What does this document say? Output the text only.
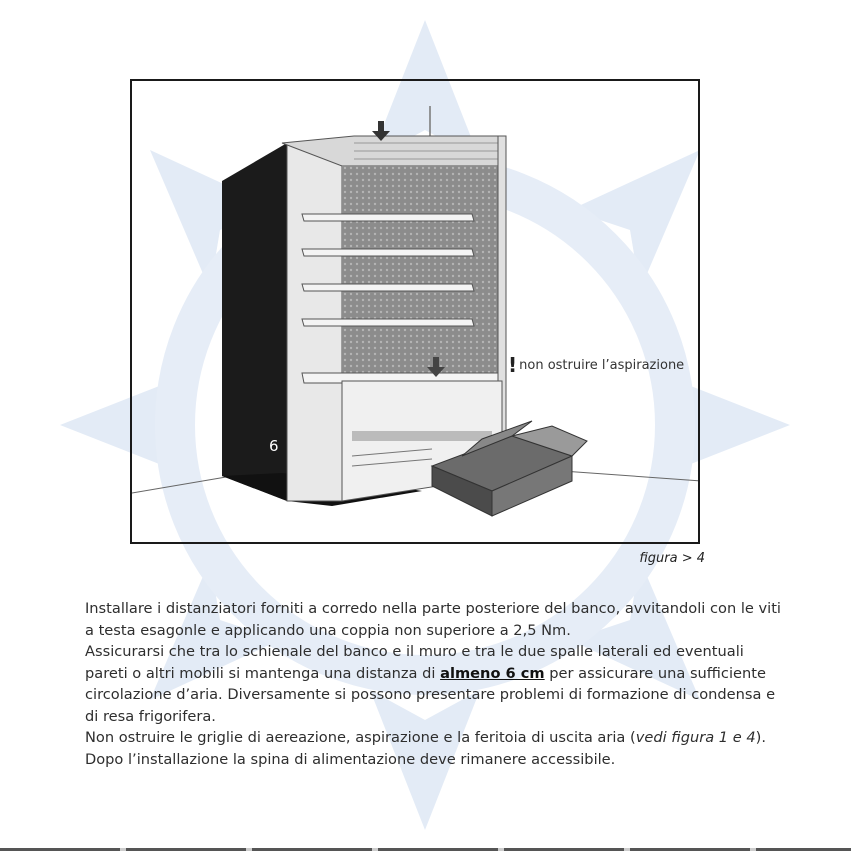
! non ostruire l’aspirazione
6
figura > 4

Installare i distanziatori forniti a corredo nella parte posteriore del banco, avvitandoli con le viti a testa esagonle e applicando una coppia non superiore a 2,5 Nm.

Assicurarsi che tra lo schienale del banco e il muro e tra le due spalle laterali ed eventuali pareti o altri mobili si mantenga una distanza di almeno 6 cm per assicurare una sufficiente circolazione d’aria. Diversamente si possono presentare problemi di formazione di condensa e di resa frigorifera.

Non ostruire le griglie di aereazione, aspirazione e la feritoia di uscita aria (vedi figura 1 e 4).

Dopo l’installazione la spina di alimentazione deve rimanere accessibile.
